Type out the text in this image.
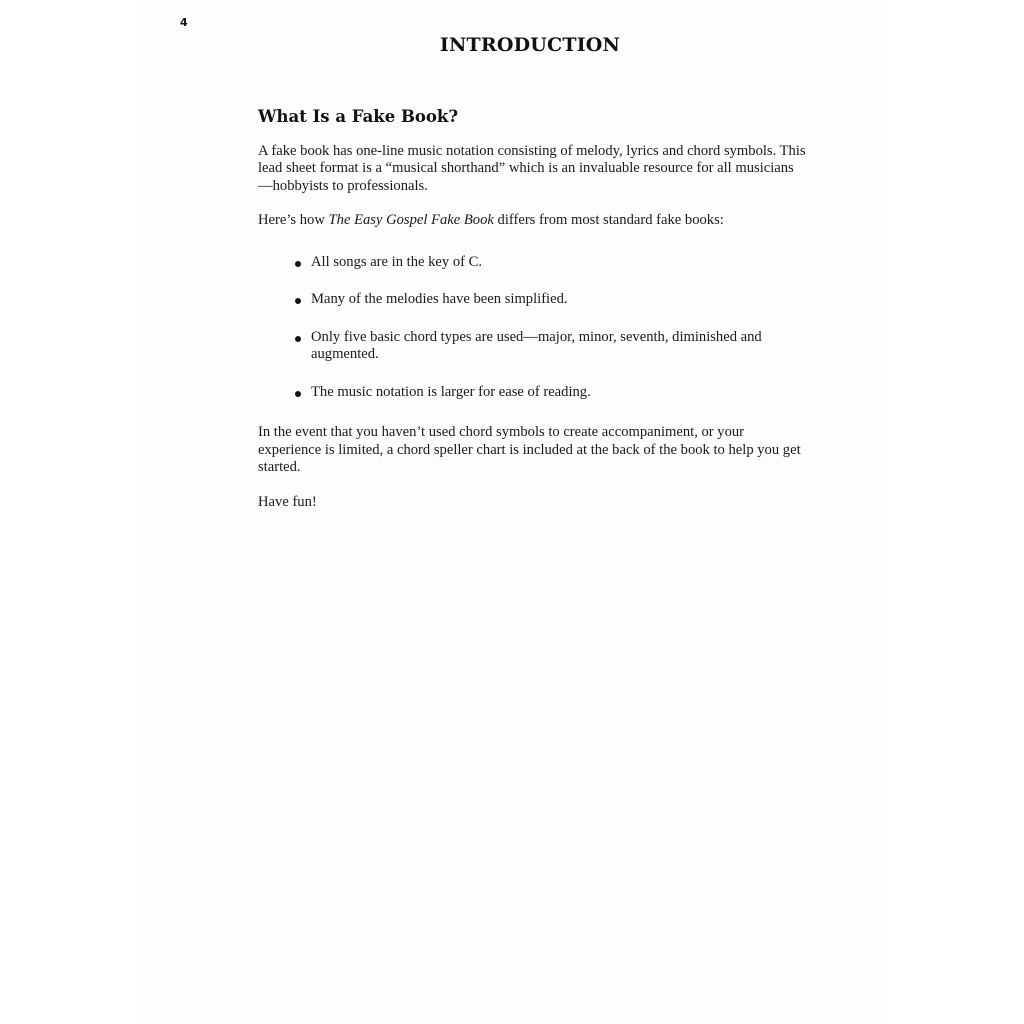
4
INTRODUCTION
What Is a Fake Book?

A fake book has one-line music notation consisting of melody, lyrics and chord symbols. This lead sheet format is a “musical shorthand” which is an invaluable resource for all musicians—hobbyists to professionals.

Here’s how The Easy Gospel Fake Book differs from most standard fake books:

All songs are in the key of C.
Many of the melodies have been simplified.
Only five basic chord types are used—major, minor, seventh, diminished and augmented.
The music notation is larger for ease of reading.

In the event that you haven’t used chord symbols to create accompaniment, or your experience is limited, a chord speller chart is included at the back of the book to help you get started.

Have fun!
